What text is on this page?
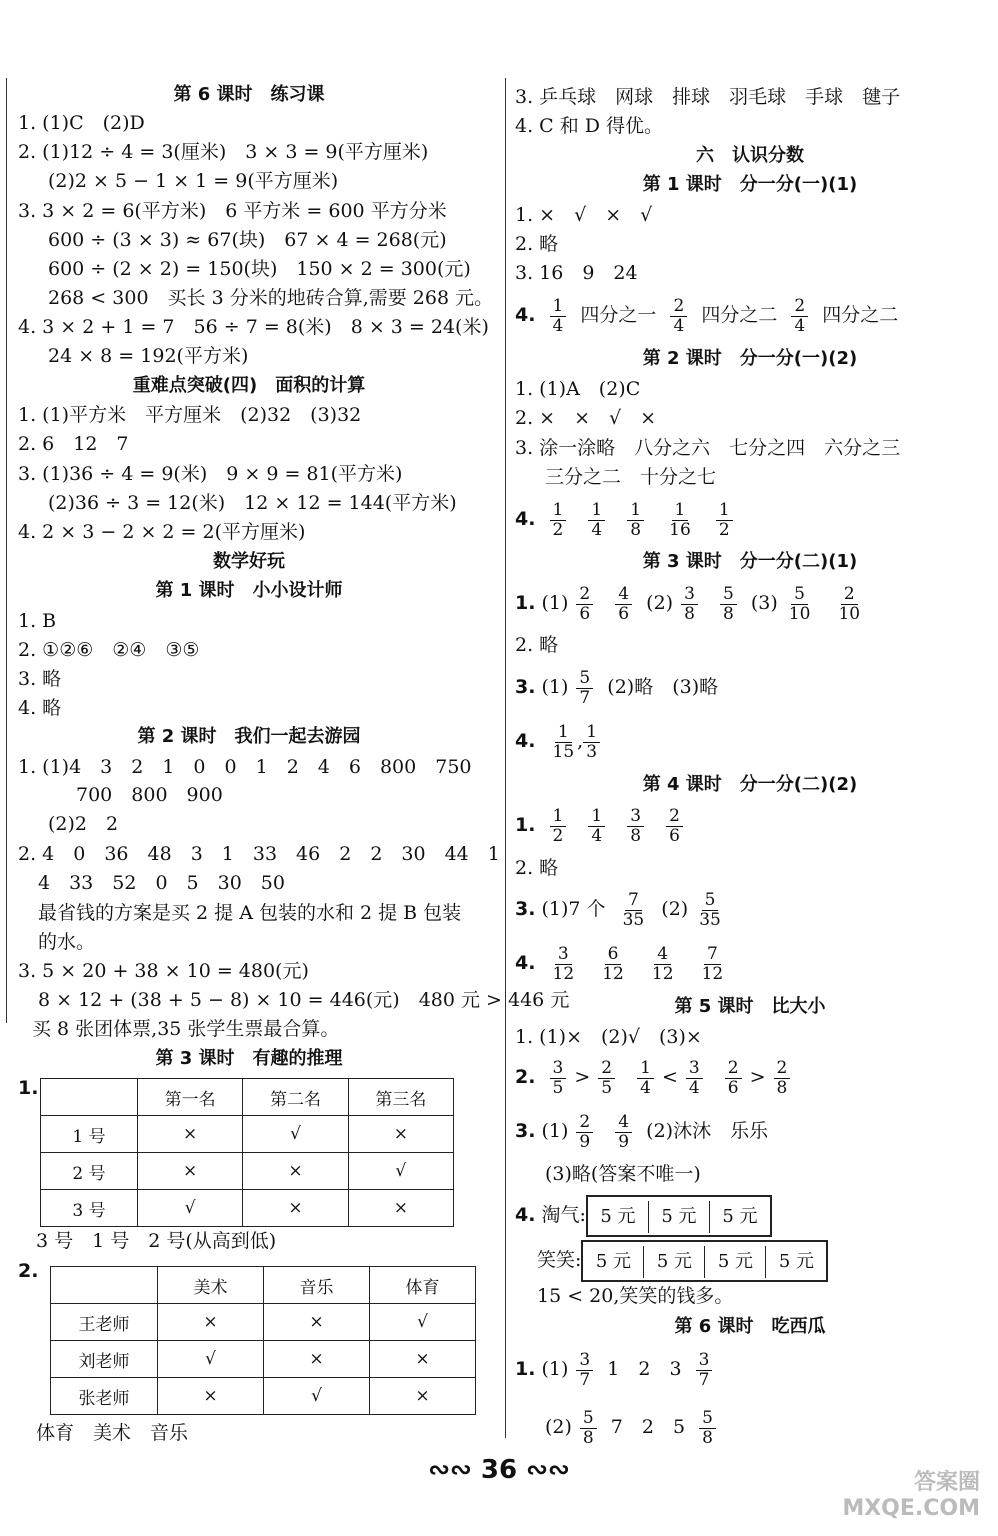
第 6 课时　练习课
1. (1)C　(2)D
2. (1)12 ÷ 4 = 3(厘米)　3 × 3 = 9(平方厘米)
(2)2 × 5 − 1 × 1 = 9(平方厘米)
3. 3 × 2 = 6(平方米)　6 平方米 = 600 平方分米
600 ÷ (3 × 3) ≈ 67(块)　67 × 4 = 268(元)
600 ÷ (2 × 2) = 150(块)　150 × 2 = 300(元)
268 < 300　买长 3 分米的地砖合算,需要 268 元。
4. 3 × 2 + 1 = 7　56 ÷ 7 = 8(米)　8 × 3 = 24(米)
24 × 8 = 192(平方米)
重难点突破(四)　面积的计算
1. (1)平方米　平方厘米　(2)32　(3)32
2. 6　12　7
3. (1)36 ÷ 4 = 9(米)　9 × 9 = 81(平方米)
(2)36 ÷ 3 = 12(米)　12 × 12 = 144(平方米)
4. 2 × 3 − 2 × 2 = 2(平方厘米)
数学好玩
第 1 课时　小小设计师
1. B
2. ①②⑥　②④　③⑤
3. 略
4. 略
第 2 课时　我们一起去游园
1. (1)4　3　2　1　0　0　1　2　4　6　800　750
700　800　900
(2)2　2
2. 4　0　36　48　3　1　33　46　2　2　30　44　1
4　33　52　0　5　30　50
最省钱的方案是买 2 提 A 包装的水和 2 提 B 包装
的水。
3. 5 × 20 + 38 × 10 = 480(元)
8 × 12 + (38 + 5 − 8) × 10 = 446(元)　480 元 > 446 元
买 8 张团体票,35 张学生票最合算。
第 3 课时　有趣的推理
1.
	第一名	第二名	第三名
1 号	×	√	×
2 号	×	×	√
3 号	√	×	×
3 号　1 号　2 号(从高到低)
2.
	美术	音乐	体育
王老师	×	×	√
刘老师	√	×	×
张老师	×	√	×
体育　美术　音乐
3. 乒乓球　网球　排球　羽毛球　手球　毽子
4. C 和 D 得优。
六　认识分数
第 1 课时　分一分(一)(1)
1. ×　√　×　√
2. 略
3. 16　9　24
4. $\frac{1}{4}$ 四分之一 $\frac{2}{4}$ 四分之二 $\frac{2}{4}$ 四分之二
第 2 课时　分一分(一)(2)
1. (1)A　(2)C
2. ×　×　√　×
3. 涂一涂略　八分之六　七分之四　六分之三
三分之二　十分之七
4. $\frac{1}{2}$
$\frac{1}{4}$
$\frac{1}{8}$
$\frac{1}{16}$
$\frac{1}{2}$
第 3 课时　分一分(二)(1)
1. $(1) \frac{2}{6}$
$\frac{4}{6} (2) \frac{3}{8}$
$\frac{5}{8} (3) \frac{5}{10}$
$\frac{2}{10}$
2. 略
3. $(1) \frac{5}{7} (2)$略　(3)略
4. $\frac{1}{15}$ , $\frac{1}{3}$
第 4 课时　分一分(二)(2)
1. $\frac{1}{2}$
$\frac{1}{4}$
$\frac{3}{8}$
$\frac{2}{6}$
2. 略
3. (1)7 个 $\frac{7}{35} (2) \frac{5}{35}$
4. $\frac{3}{12}$
$\frac{6}{12}$
$\frac{4}{12}$
$\frac{7}{12}$
第 5 课时　比大小
1. (1)×　(2)√　(3)×
2. $\frac{3}{5} > \frac{2}{5}$
$\frac{1}{4} < \frac{3}{4}$
$\frac{2}{6} > \frac{2}{8}$
3. $(1) \frac{2}{9}$
$\frac{4}{9} (2)$沐沐　乐乐
(3)略(答案不唯一)
4. 淘气: 5 元 5 元 5 元
笑笑: 5 元 5 元 5 元 5 元
15 < 20,笑笑的钱多。
第 6 课时　吃西瓜
1. $(1) \frac{3}{7} 1$　2　$3 \frac{3}{7}$
$(2) \frac{5}{8} 7$　2　$5 \frac{5}{8}$
∾∾ 36 ∾∾	答案圈
MXQE.COM
